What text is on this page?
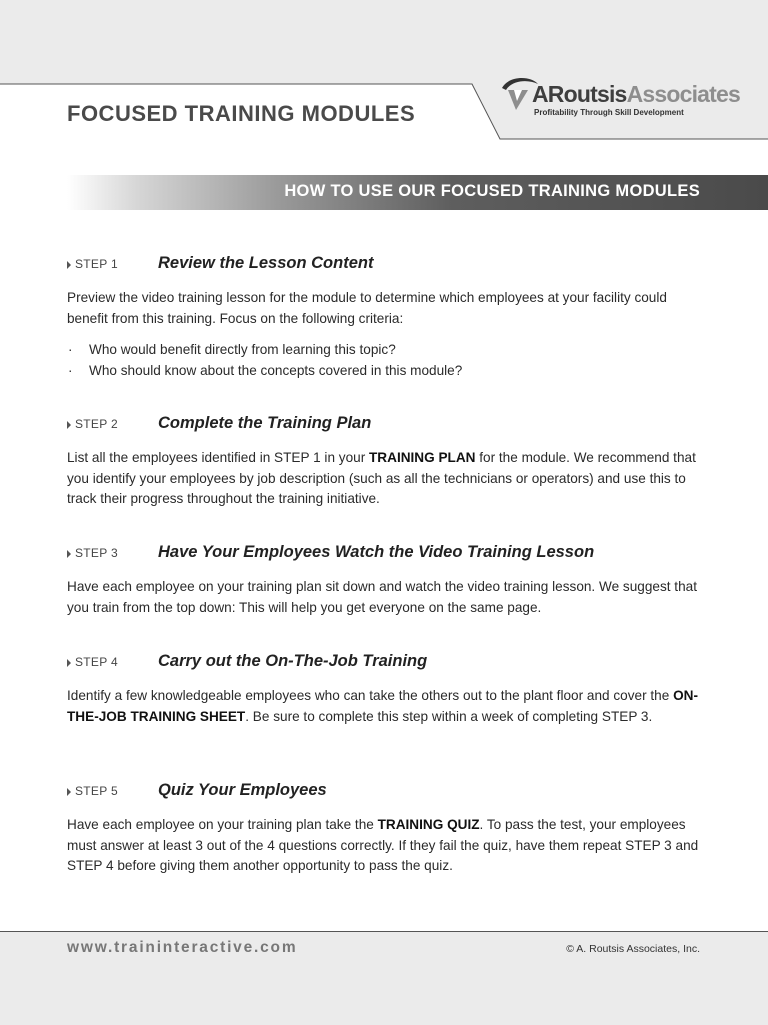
FOCUSED TRAINING MODULES
ARoutsisAssociates
Profitability Through Skill Development
HOW TO USE OUR FOCUSED TRAINING MODULES
STEP 1 Review the Lesson Content

Preview the video training lesson for the module to determine which employees at your facility could benefit from this training. Focus on the following criteria:

· Who would benefit directly from learning this topic?
· Who should know about the concepts covered in this module?
STEP 2 Complete the Training Plan

List all the employees identified in STEP 1 in your TRAINING PLAN for the module. We recommend that you identify your employees by job description (such as all the technicians or operators) and use this to track their progress throughout the training initiative.

STEP 3 Have Your Employees Watch the Video Training Lesson

Have each employee on your training plan sit down and watch the video training lesson. We suggest that you train from the top down: This will help you get everyone on the same page.

STEP 4 Carry out the On-The-Job Training

Identify a few knowledgeable employees who can take the others out to the plant floor and cover the ON-THE-JOB TRAINING SHEET. Be sure to complete this step within a week of completing STEP 3.

STEP 5 Quiz Your Employees

Have each employee on your training plan take the TRAINING QUIZ. To pass the test, your employees must answer at least 3 out of the 4 questions correctly. If they fail the quiz, have them repeat STEP 3 and STEP 4 before giving them another opportunity to pass the quiz.

www.traininteractive.com	© A. Routsis Associates, Inc.
